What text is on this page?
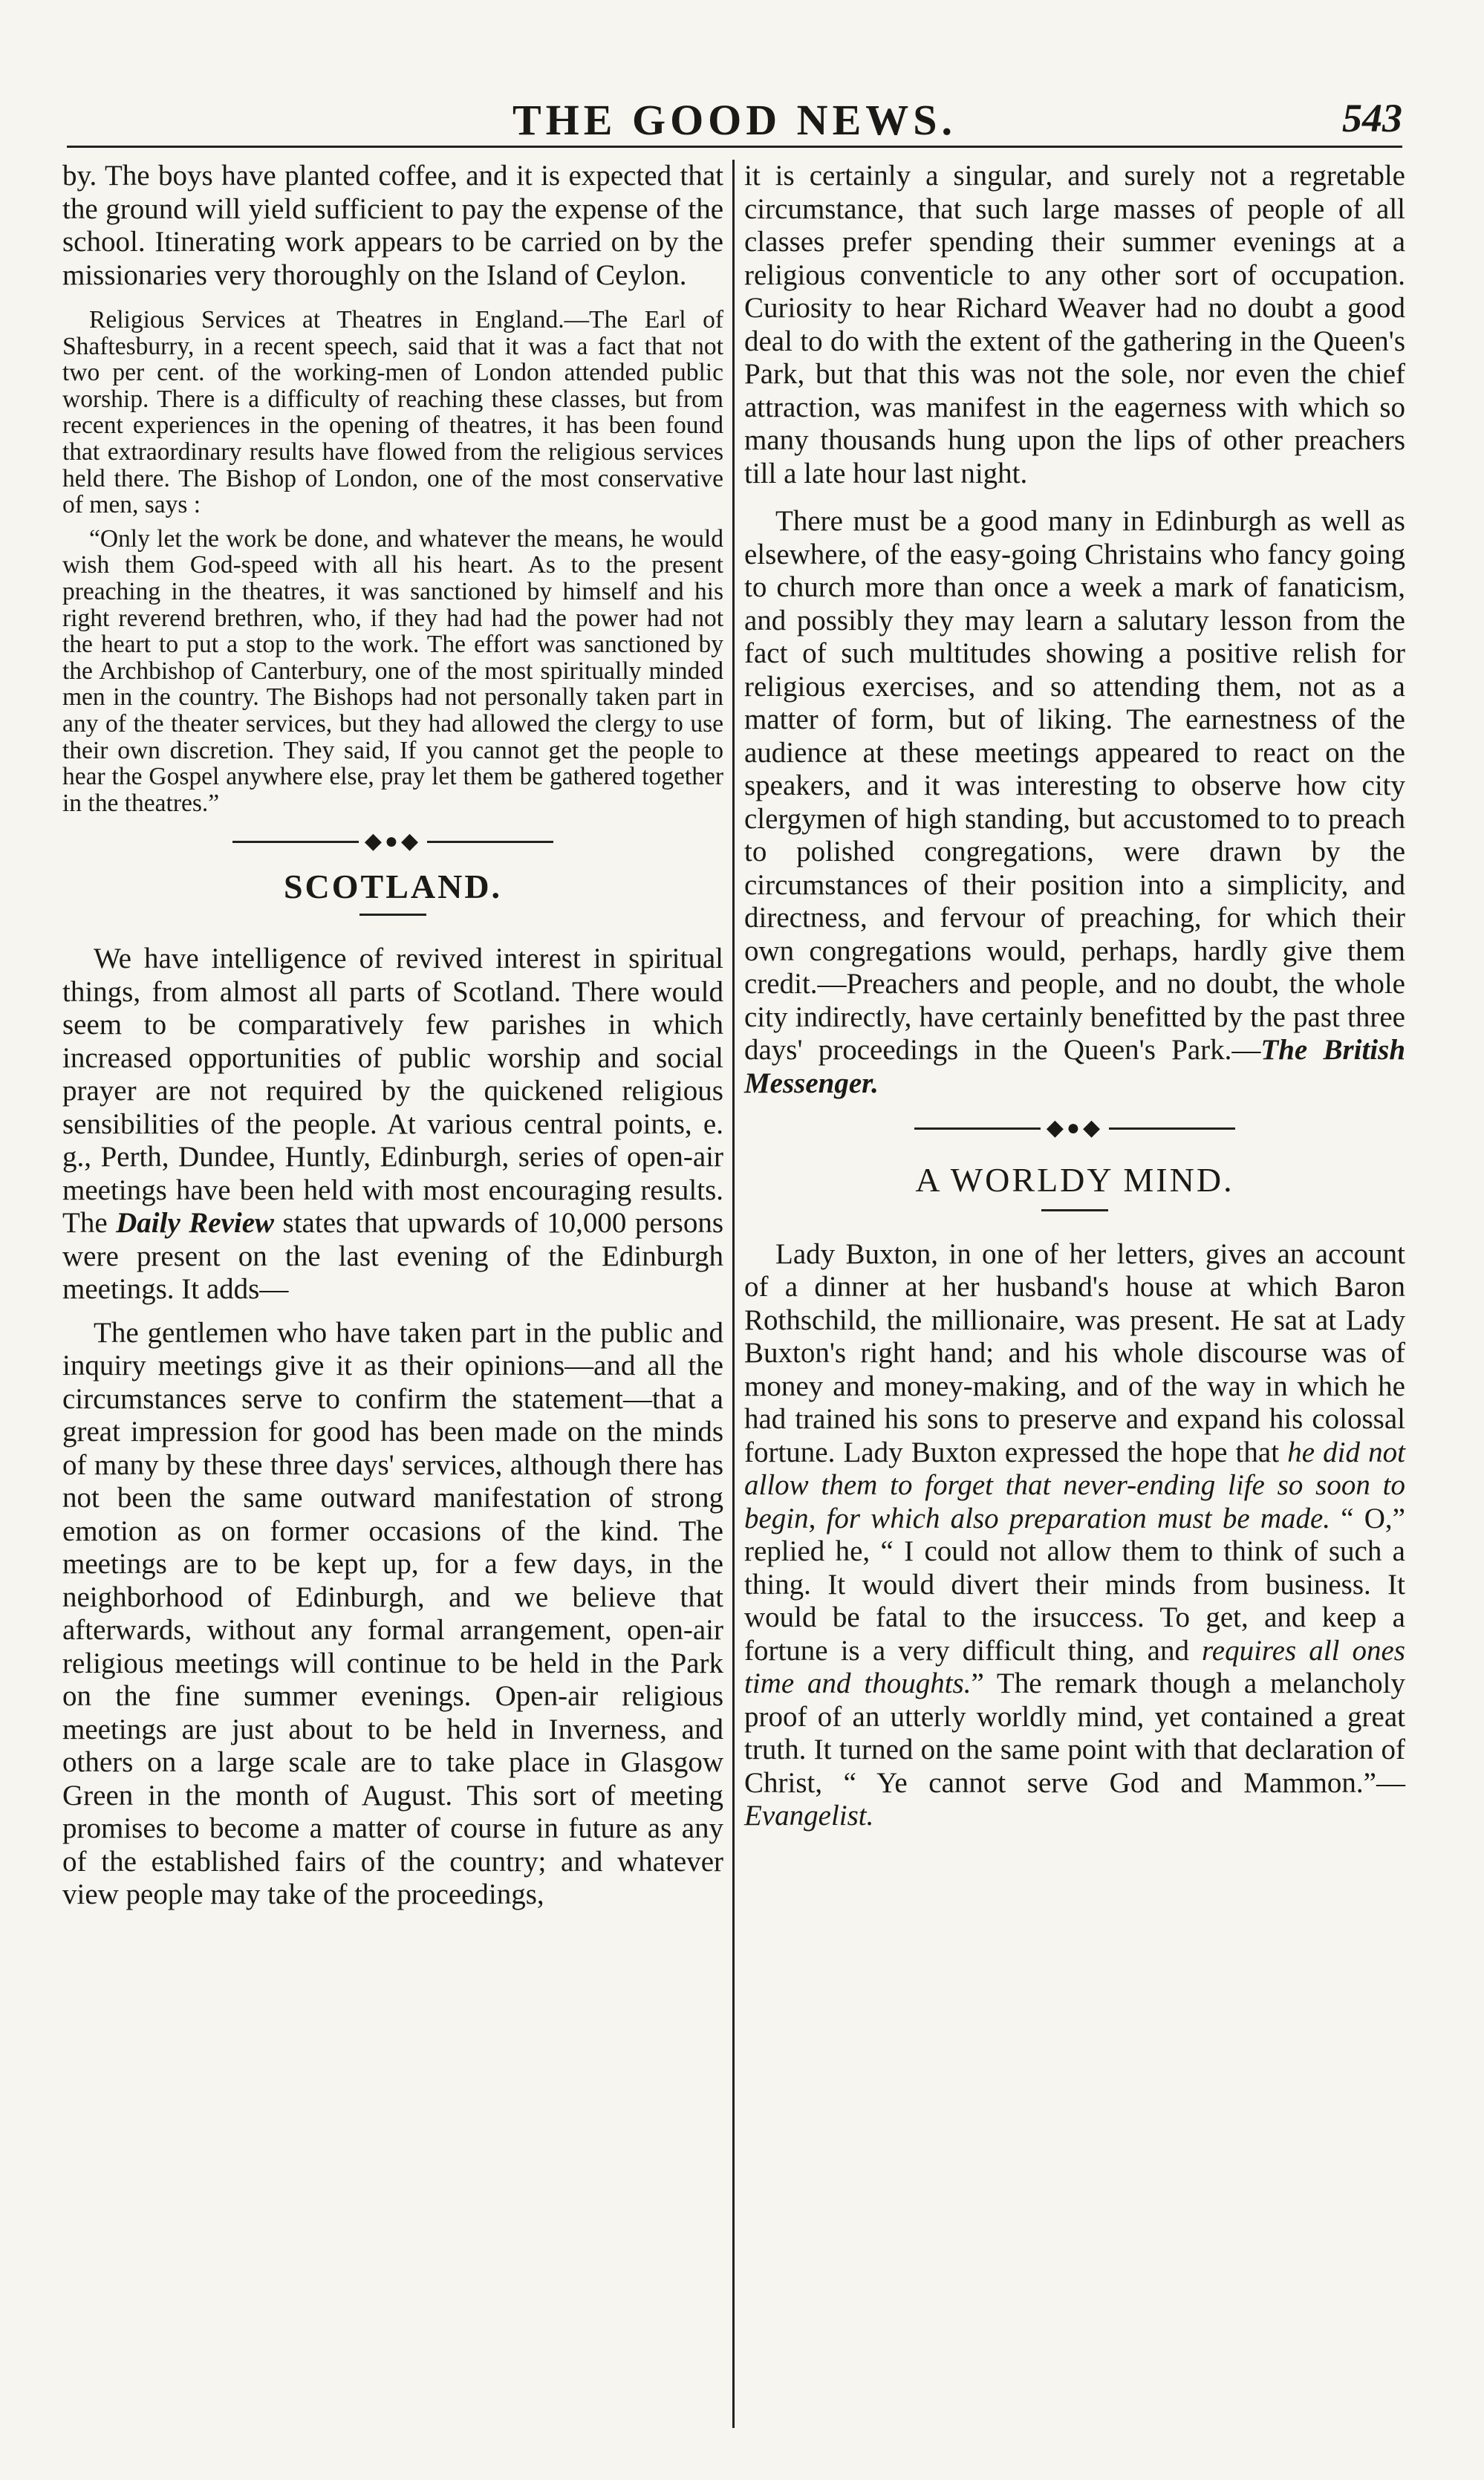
THE GOOD NEWS.	543

by. The boys have planted coffee, and it is expected that the ground will yield sufficient to pay the expense of the school. Itinerating work appears to be carried on by the missionaries very thoroughly on the Island of Ceylon.

Religious Services at Theatres in England.—The Earl of Shaftesburry, in a recent speech, said that it was a fact that not two per cent. of the working-men of London attended public worship. There is a difficulty of reaching these classes, but from recent experiences in the opening of theatres, it has been found that extraordinary results have flowed from the religious services held there. The Bishop of London, one of the most conservative of men, says :

“Only let the work be done, and whatever the means, he would wish them God-speed with all his heart. As to the present preaching in the theatres, it was sanctioned by himself and his right reverend brethren, who, if they had had the power had not the heart to put a stop to the work. The effort was sanctioned by the Archbishop of Canterbury, one of the most spiritually minded men in the country. The Bishops had not personally taken part in any of the theater services, but they had allowed the clergy to use their own discretion. They said, If you cannot get the people to hear the Gospel anywhere else, pray let them be gathered together in the theatres.”

◆●◆
SCOTLAND.

We have intelligence of revived interest in spiritual things, from almost all parts of Scotland. There would seem to be comparatively few parishes in which increased opportunities of public worship and social prayer are not required by the quickened religious sensibilities of the people. At various central points, e. g., Perth, Dundee, Huntly, Edinburgh, series of open-air meetings have been held with most encouraging results. The Daily Review states that upwards of 10,000 persons were present on the last evening of the Edinburgh meetings. It adds—

The gentlemen who have taken part in the public and inquiry meetings give it as their opinions—and all the circumstances serve to confirm the statement—that a great impression for good has been made on the minds of many by these three days' services, although there has not been the same outward manifestation of strong emotion as on former occasions of the kind. The meetings are to be kept up, for a few days, in the neighborhood of Edinburgh, and we believe that afterwards, without any formal arrangement, open-air religious meetings will continue to be held in the Park on the fine summer evenings. Open-air religious meetings are just about to be held in Inverness, and others on a large scale are to take place in Glasgow Green in the month of August. This sort of meeting promises to become a matter of course in future as any of the established fairs of the country; and whatever view people may take of the proceedings,

it is certainly a singular, and surely not a regretable circumstance, that such large masses of people of all classes prefer spending their summer evenings at a religious conventicle to any other sort of occupation. Curiosity to hear Richard Weaver had no doubt a good deal to do with the extent of the gathering in the Queen's Park, but that this was not the sole, nor even the chief attraction, was manifest in the eagerness with which so many thousands hung upon the lips of other preachers till a late hour last night.

There must be a good many in Edinburgh as well as elsewhere, of the easy-going Christains who fancy going to church more than once a week a mark of fanaticism, and possibly they may learn a salutary lesson from the fact of such multitudes showing a positive relish for religious exercises, and so attending them, not as a matter of form, but of liking. The earnestness of the audience at these meetings appeared to react on the speakers, and it was interesting to observe how city clergymen of high standing, but accustomed to to preach to polished congregations, were drawn by the circumstances of their position into a simplicity, and directness, and fervour of preaching, for which their own congregations would, perhaps, hardly give them credit.—Preachers and people, and no doubt, the whole city indirectly, have certainly benefitted by the past three days' proceedings in the Queen's Park.—The British Messenger.

◆●◆
A WORLDY MIND.

Lady Buxton, in one of her letters, gives an account of a dinner at her husband's house at which Baron Rothschild, the millionaire, was present. He sat at Lady Buxton's right hand; and his whole discourse was of money and money-making, and of the way in which he had trained his sons to preserve and expand his colossal fortune. Lady Buxton expressed the hope that he did not allow them to forget that never-ending life so soon to begin, for which also preparation must be made. “ O,” replied he, “ I could not allow them to think of such a thing. It would divert their minds from business. It would be fatal to the irsuccess. To get, and keep a fortune is a very difficult thing, and requires all ones time and thoughts.” The remark though a melancholy proof of an utterly worldly mind, yet contained a great truth. It turned on the same point with that declaration of Christ, “ Ye cannot serve God and Mammon.”—Evangelist.
